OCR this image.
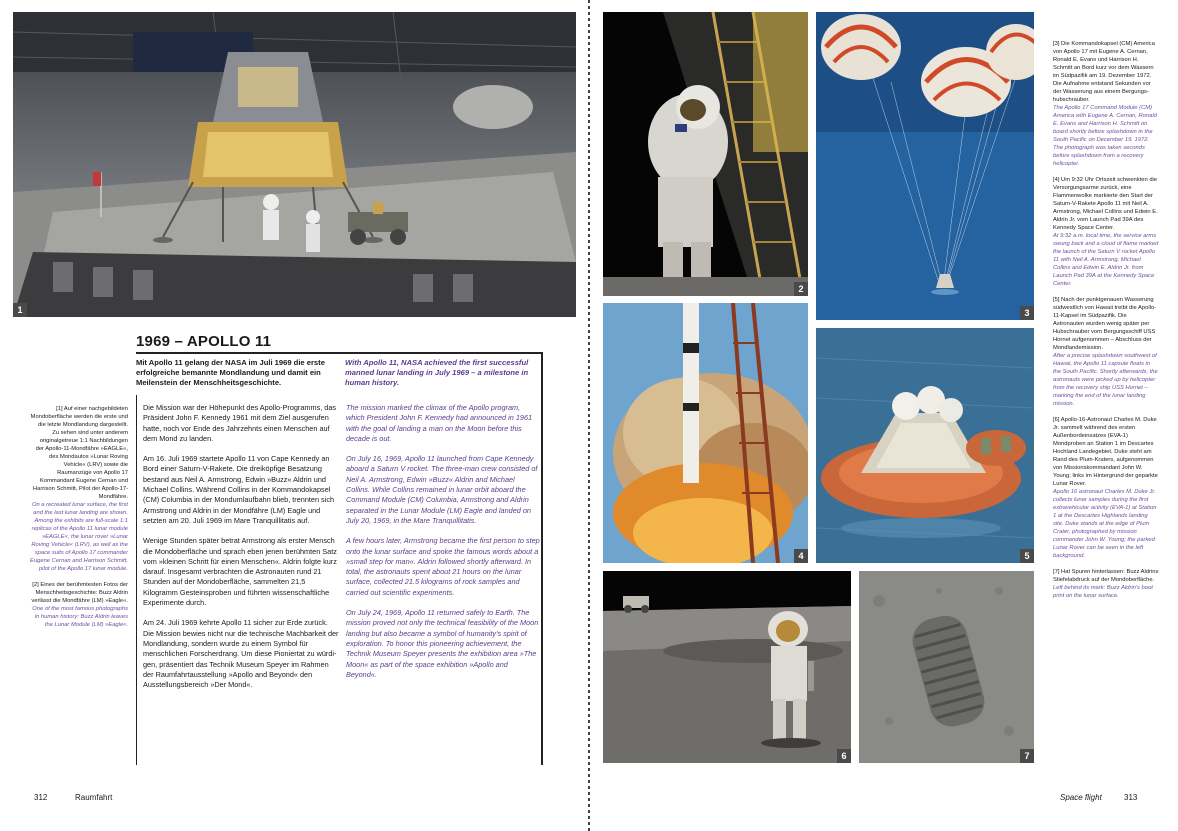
1
1969 – APOLLO 11
Mit Apollo 11 gelang der NASA im Juli 1969 die erste erfolgreiche bemannte Mondlandung und damit ein Meilenstein der Menschheitsgeschichte.
With Apollo 11, NASA achieved the first successful manned lunar landing in July 1969 – a milestone in human history.
[1] Auf einer nachgebildeten Mondoberfläche werden die erste und die letzte Mondlandung dargestellt. Zu sehen sind unter anderem originalgetreue 1:1 Nachbildungen der Apollo-11-Mondfähre »EAGLE«, des Mondautos »Lunar Roving Vehicle« (LRV) sowie die Raumanzüge von Apollo 17 Kommandant Eugene Cernan und Harrison Schmitt, Pilot der Apollo-17-Mondfähre.
On a recreated lunar surface, the first and the last lunar landing are shown. Among the exhibits are full-scale 1:1 replicas of the Apollo 11 lunar module »EAGLE«, the lunar rover »Lunar Roving Vehicle« (LRV), as well as the space suits of Apollo 17 commander Eugene Cernan and Harrison Schmitt, pilot of the Apollo 17 lunar module.
[2] Eines der berühmtesten Fotos der Menschheitsgeschichte: Buzz Aldrin verlässt die Mondfähre (LM) »Eagle«.
One of the most famous photographs in human history: Buzz Aldrin leaves the Lunar Module (LM) »Eagle«.

Die Mission war der Höhepunkt des Apollo-Programms, das Präsident John F. Kennedy 1961 mit dem Ziel ausgerufen hatte, noch vor Ende des Jahrzehnts einen Menschen auf dem Mond zu landen.

Am 16. Juli 1969 startete Apollo 11 von Cape Kennedy an Bord einer Saturn-V-Rakete. Die dreiköpfige Besatzung bestand aus Neil A. Armstrong, Edwin »Buzz« Aldrin und Michael Collins. Während Collins in der Kommandokapsel (CM) Columbia in der Mondumlaufbahn blieb, trennten sich Armstrong und Aldrin in der Mondfähre (LM) Eagle und setzten am 20. Juli 1969 im Mare Tranquillitatis auf.

Wenige Stunden später betrat Armstrong als erster Mensch die Mondoberfläche und sprach eben jenen berühmten Satz vom »kleinen Schritt für einen Menschen«. Aldrin folgte kurz darauf. Insgesamt verbrachten die Astronauten rund 21 Stunden auf der Mondoberfläche, sammelten 21,5 Kilogramm Gesteinsproben und führten wissenschaftliche Experimente durch.

Am 24. Juli 1969 kehrte Apollo 11 sicher zur Erde zurück. Die Mission bewies nicht nur die technische Machbarkeit der Mondlandung, sondern wurde zu einem Symbol für menschlichen Forscherdrang. Um diese Pioniertat zu würdigen, präsentiert das Technik Museum Speyer im Rahmen der Raumfahrtausstellung »Apollo and Beyond« den Ausstellungsbereich »Der Mond«.

The mission marked the climax of the Apollo program, which President John F. Kennedy had announced in 1961 with the goal of landing a man on the Moon before this decade is out.

On July 16, 1969, Apollo 11 launched from Cape Kennedy aboard a Saturn V rocket. The three-man crew consisted of Neil A. Armstrong, Edwin »Buzz« Aldrin and Michael Collins. While Collins remained in lunar orbit aboard the Command Module (CM) Columbia, Armstrong and Aldrin separated in the Lunar Module (LM) Eagle and landed on July 20, 1969, in the Mare Tranquillitatis.

A few hours later, Armstrong became the first person to step onto the lunar surface and spoke the famous words about a »small step for man«. Aldrin followed shortly afterward. In total, the astronauts spent about 21 hours on the lunar surface, collected 21.5 kilograms of rock samples and carried out scientific experiments.

On July 24, 1969, Apollo 11 returned safely to Earth. The mission proved not only the technical feasibility of the Moon landing but also became a symbol of humanity's spirit of exploration. To honor this pioneering achievement, the Technik Museum Speyer presents the exhibition area »The Moon« as part of the space exhibition »Apollo and Beyond«.

312	Raumfahrt
2
3
4	5
6	7
Space flight	313
[3] Die Kommandokapsel (CM) America von Apollo 17 mit Eugene A. Cernan, Ronald E. Evans und Harrison H. Schmitt an Bord kurz vor dem Wassern im Südpazifik am 19. Dezember 1972. Die Aufnahme entstand Sekunden vor der Wasserung aus einem Bergungshubschrauber.
The Apollo 17 Command Module (CM) America with Eugene A. Cernan, Ronald E. Evans and Harrison H. Schmitt on board shortly before splashdown in the South Pacific on December 19, 1972. The photograph was taken seconds before splashdown from a recovery helicopter.
[4] Um 9:32 Uhr Ortszeit schwenkten die Versorgungsarme zurück, eine Flammenwolke markierte den Start der Saturn-V-Rakete Apollo 11 mit Neil A. Armstrong, Michael Collins und Edwin E. Aldrin Jr. vom Launch Pad 39A des Kennedy Space Center.
At 9:32 a.m. local time, the service arms swung back and a cloud of flame marked the launch of the Saturn V rocket Apollo 11 with Neil A. Armstrong, Michael Collins and Edwin E. Aldrin Jr. from Launch Pad 39A at the Kennedy Space Center.
[5] Nach der punktgenauen Wasserung südwestlich von Hawaii treibt die Apollo-11-Kapsel im Südpazifik. Die Astronauten wurden wenig später per Hubschrauber vom Bergungsschiff USS Hornet aufgenommen – Abschluss der Mondlandemission.
After a precise splashdown southwest of Hawaii, the Apollo 11 capsule floats in the South Pacific. Shortly afterwards, the astronauts were picked up by helicopter from the recovery ship USS Hornet – marking the end of the lunar landing mission.
[6] Apollo-16-Astronaut Charles M. Duke Jr. sammelt während des ersten Außenbordeinsatzes (EVA-1) Mondproben an Station 1 im Descartes Hochland Landegebiet. Duke steht am Rand des Plum-Kraters, aufgenommen von Missionskommandant John W. Young; links im Hintergrund der geparkte Lunar Rover.
Apollo 16 astronaut Charles M. Duke Jr. collects lunar samples during the first extravehicular activity (EVA-1) at Station 1 at the Descartes Highlands landing site. Duke stands at the edge of Plum Crater, photographed by mission commander John W. Young; the parked Lunar Rover can be seen in the left background.
[7] Hat Spuren hinterlassen: Buzz Aldrins Stiefelabdruck auf der Mondoberfläche.
Left behind its mark: Buzz Aldrin's boot print on the lunar surface.
